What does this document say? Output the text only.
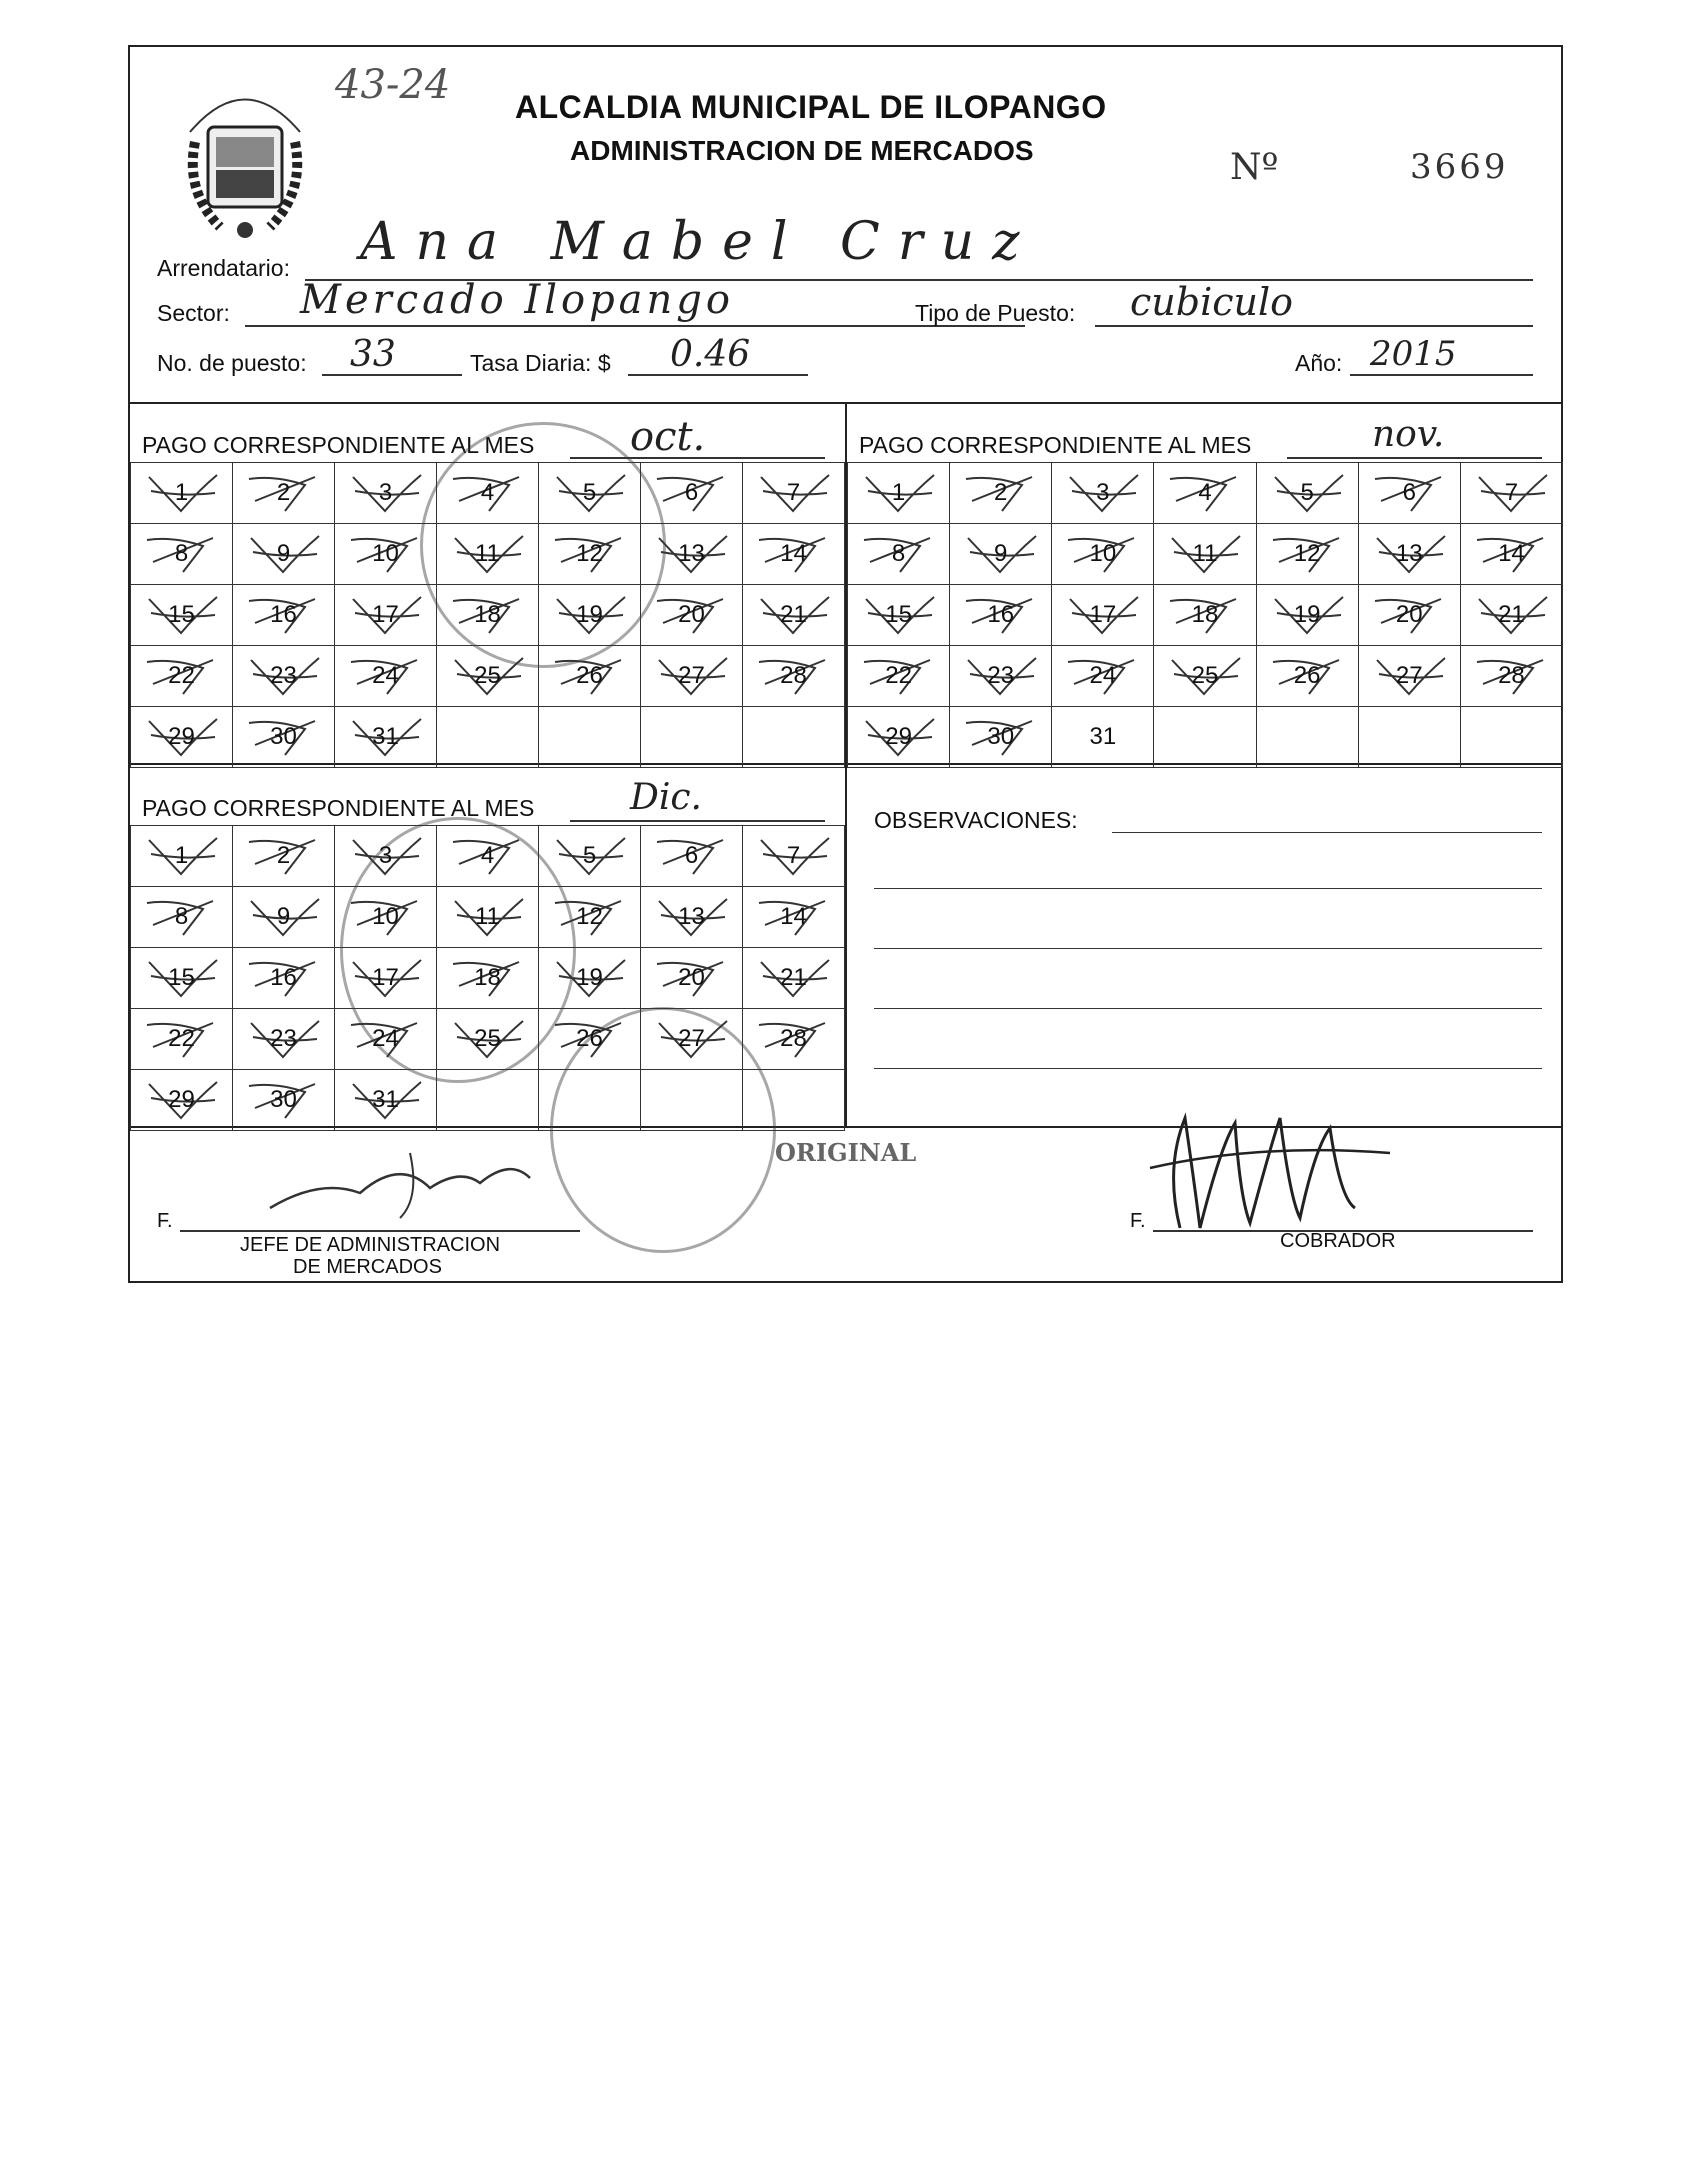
43-24 ALCALDIA MUNICIPAL DE ILOPANGO
ADMINISTRACION DE MERCADOS	Nº	3669
Arrendatario: Ana Mabel Cruz
Sector: Mercado Ilopango	Tipo de Puesto: cubiculo
No. de puesto: 33	Tasa Diaria: $ 0.46	Año: 2015
PAGO CORRESPONDIENTE AL MES oct.
1	2	3	4	5	6	7

8	9	10	11	12	13	14

15	16	17	18	19	20	21

22	23	24	25	26	27	28

29	30	31

PAGO CORRESPONDIENTE AL MES	nov.
1	2	3	4	5	6	7

8	9	10	11	12	13	14

15	16	17	18	19	20	21

22	23	24	25	26	27	28

29	30	31				
PAGO CORRESPONDIENTE AL MES	Dic.
1	2	3	4	5	6	7

8	9	10	11	12	13	14

15	16	17	18	19	20	21

22	23	24	25	26	27	28

29	30	31

OBSERVACIONES:
F.
JEFE DE ADMINISTRACION
DE MERCADOS
ORIGINAL
F.
COBRADOR
